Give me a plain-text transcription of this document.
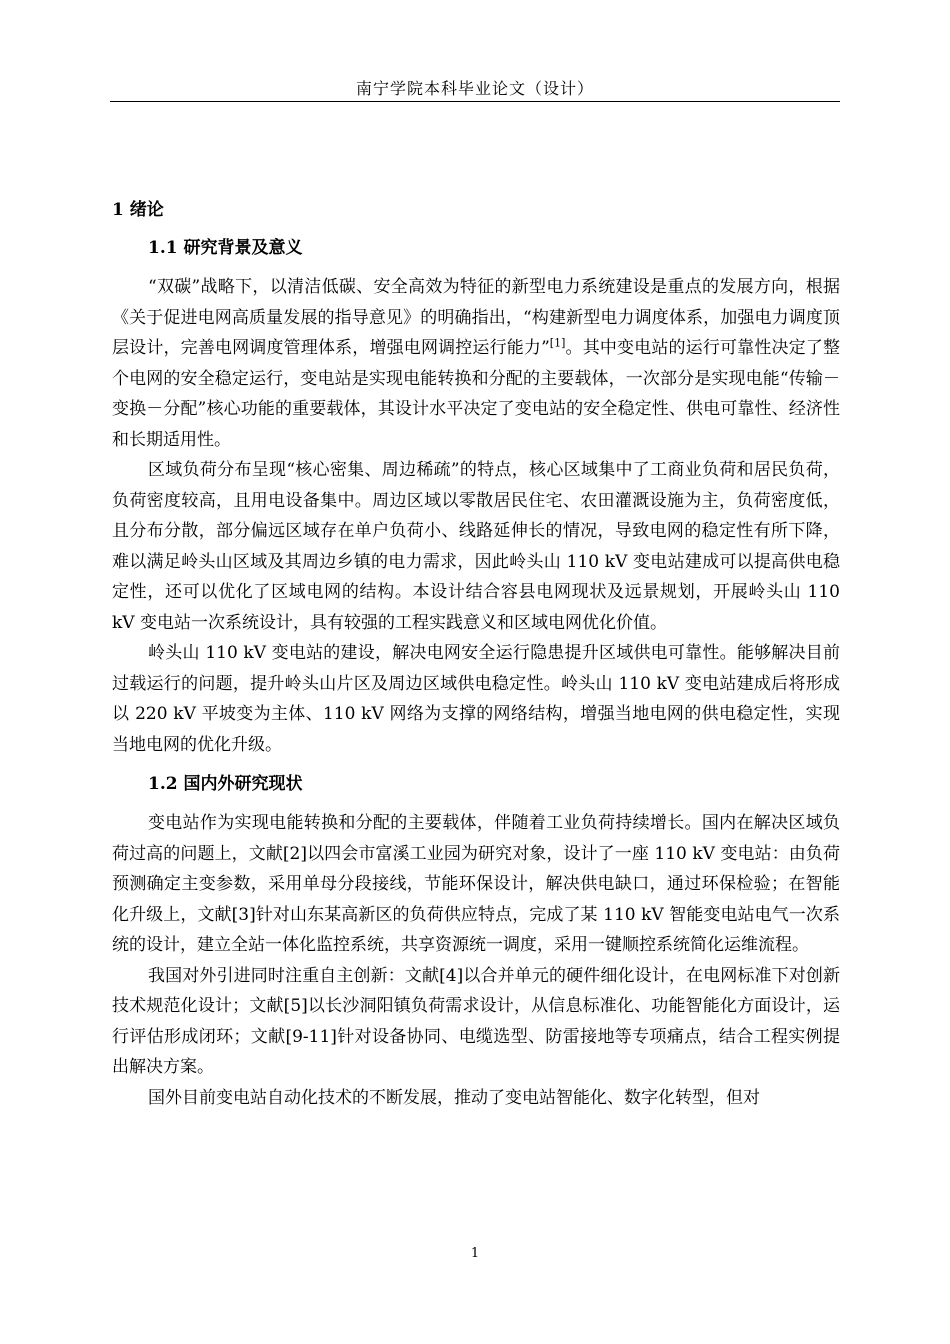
南宁学院本科毕业论文（设计）
1 绪论
1.1 研究背景及意义

“双碳”战略下，以清洁低碳、安全高效为特征的新型电力系统建设是重点的发展方向，根据《关于促进电网高质量发展的指导意见》的明确指出，“构建新型电力调度体系，加强电力调度顶层设计，完善电网调度管理体系，增强电网调控运行能力”[1]。其中变电站的运行可靠性决定了整个电网的安全稳定运行，变电站是实现电能转换和分配的主要载体，一次部分是实现电能“传输－变换－分配”核心功能的重要载体，其设计水平决定了变电站的安全稳定性、供电可靠性、经济性和长期适用性。

区域负荷分布呈现“核心密集、周边稀疏”的特点，核心区域集中了工商业负荷和居民负荷，负荷密度较高，且用电设备集中。周边区域以零散居民住宅、农田灌溉设施为主，负荷密度低，且分布分散，部分偏远区域存在单户负荷小、线路延伸长的情况，导致电网的稳定性有所下降，难以满足岭头山区域及其周边乡镇的电力需求，因此岭头山 110 kV 变电站建成可以提高供电稳定性，还可以优化了区域电网的结构。本设计结合容县电网现状及远景规划，开展岭头山 110 kV 变电站一次系统设计，具有较强的工程实践意义和区域电网优化价值。

岭头山 110 kV 变电站的建设，解决电网安全运行隐患提升区域供电可靠性。能够解决目前过载运行的问题，提升岭头山片区及周边区域供电稳定性。岭头山 110 kV 变电站建成后将形成以 220 kV 平坡变为主体、110 kV 网络为支撑的网络结构，增强当地电网的供电稳定性，实现当地电网的优化升级。

1.2 国内外研究现状

变电站作为实现电能转换和分配的主要载体，伴随着工业负荷持续增长。国内在解决区域负荷过高的问题上，文献[2]以四会市富溪工业园为研究对象，设计了一座 110 kV 变电站：由负荷预测确定主变参数，采用单母分段接线，节能环保设计，解决供电缺口，通过环保检验；在智能化升级上，文献[3]针对山东某高新区的负荷供应特点，完成了某 110 kV 智能变电站电气一次系统的设计，建立全站一体化监控系统，共享资源统一调度，采用一键顺控系统简化运维流程。

我国对外引进同时注重自主创新：文献[4]以合并单元的硬件细化设计，在电网标准下对创新技术规范化设计；文献[5]以长沙洞阳镇负荷需求设计，从信息标准化、功能智能化方面设计，运行评估形成闭环；文献[9-11]针对设备协同、电缆选型、防雷接地等专项痛点，结合工程实例提出解决方案。

国外目前变电站自动化技术的不断发展，推动了变电站智能化、数字化转型，但对

1
